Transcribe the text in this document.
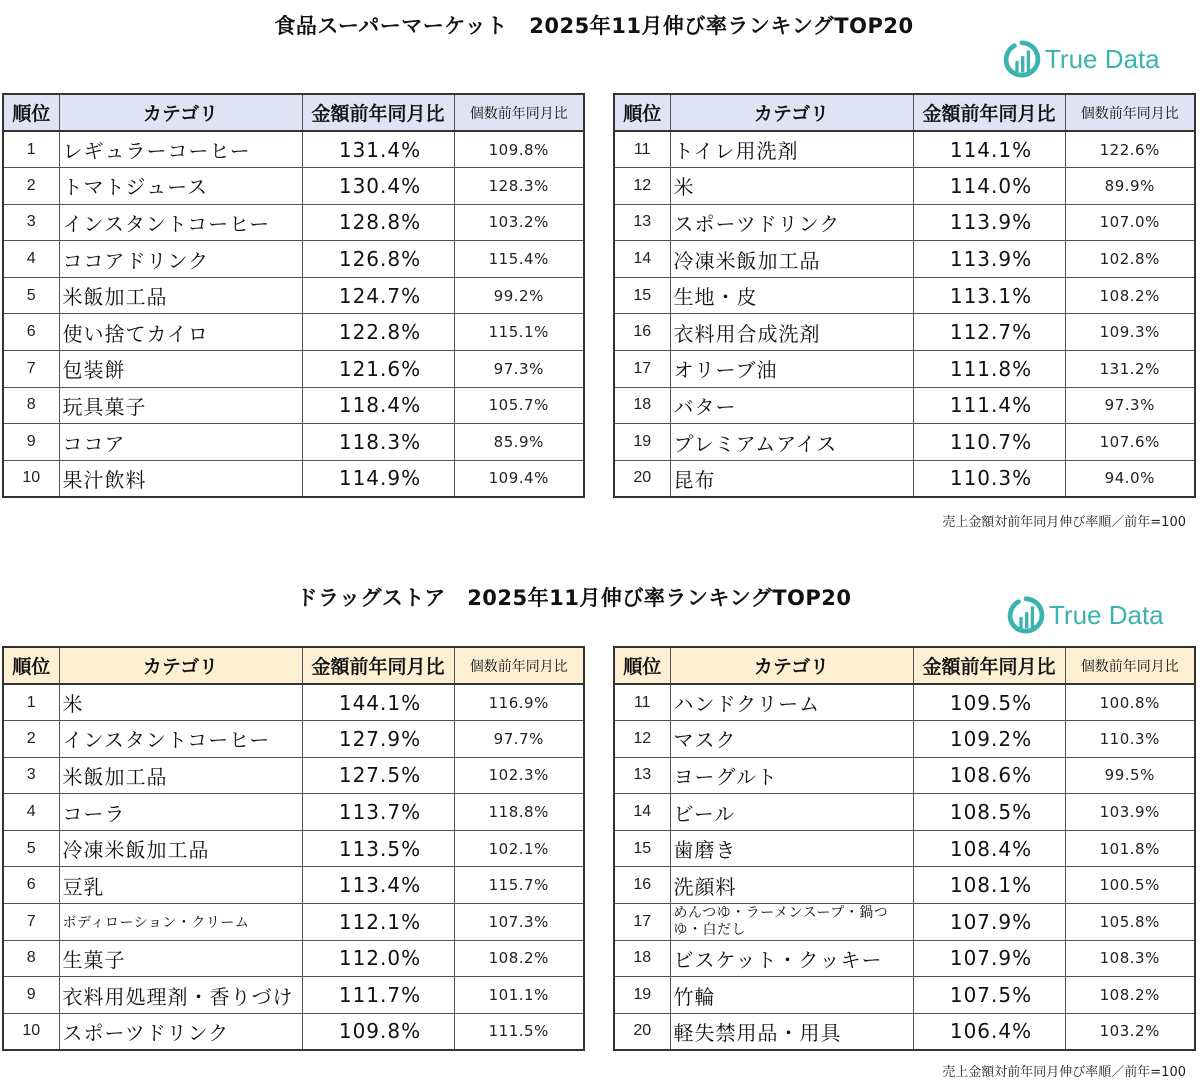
食品スーパーマーケット　2025年11月伸び率ランキングTOP20
True Data
順位	カテゴリ	金額前年同月比	個数前年同月比
1	レギュラーコーヒー	131.4%	109.8%
2	トマトジュース	130.4%	128.3%
3	インスタントコーヒー	128.8%	103.2%
4	ココアドリンク	126.8%	115.4%
5	米飯加工品	124.7%	99.2%
6	使い捨てカイロ	122.8%	115.1%
7	包装餅	121.6%	97.3%
8	玩具菓子	118.4%	105.7%
9	ココア	118.3%	85.9%
10	果汁飲料	114.9%	109.4%
順位	カテゴリ	金額前年同月比	個数前年同月比
11	トイレ用洗剤	114.1%	122.6%
12	米	114.0%	89.9%
13	スポーツドリンク	113.9%	107.0%
14	冷凍米飯加工品	113.9%	102.8%
15	生地・皮	113.1%	108.2%
16	衣料用合成洗剤	112.7%	109.3%
17	オリーブ油	111.8%	131.2%
18	バター	111.4%	97.3%
19	プレミアムアイス	110.7%	107.6%
20	昆布	110.3%	94.0%
売上金額対前年同月伸び率順／前年=100
ドラッグストア　2025年11月伸び率ランキングTOP20
True Data
順位	カテゴリ	金額前年同月比	個数前年同月比
1	米	144.1%	116.9%
2	インスタントコーヒー	127.9%	97.7%
3	米飯加工品	127.5%	102.3%
4	コーラ	113.7%	118.8%
5	冷凍米飯加工品	113.5%	102.1%
6	豆乳	113.4%	115.7%
7	ボディローション・クリーム	112.1%	107.3%
8	生菓子	112.0%	108.2%
9	衣料用処理剤・香りづけ	111.7%	101.1%
10	スポーツドリンク	109.8%	111.5%
順位	カテゴリ	金額前年同月比	個数前年同月比
11	ハンドクリーム	109.5%	100.8%
12	マスク	109.2%	110.3%
13	ヨーグルト	108.6%	99.5%
14	ビール	108.5%	103.9%
15	歯磨き	108.4%	101.8%
16	洗顔料	108.1%	100.5%
17	めんつゆ・ラーメンスープ・鍋つゆ・白だし	107.9%	105.8%
18	ビスケット・クッキー	107.9%	108.3%
19	竹輪	107.5%	108.2%
20	軽失禁用品・用具	106.4%	103.2%
売上金額対前年同月伸び率順／前年=100
